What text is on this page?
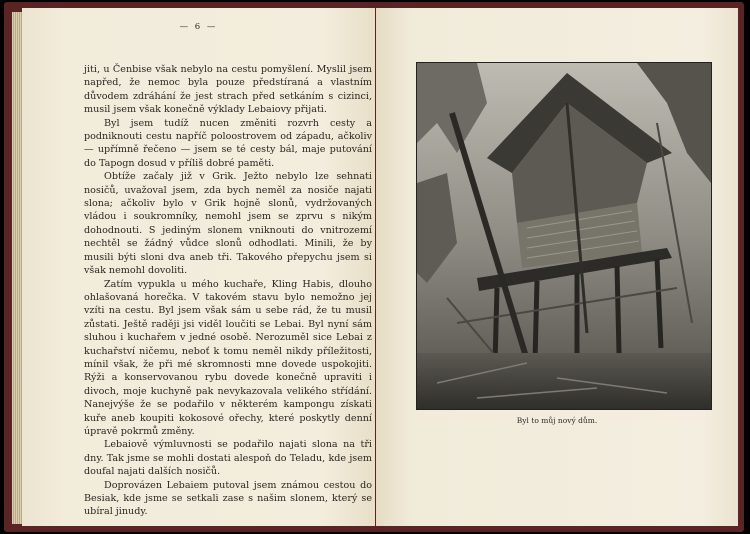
— 6 —

jiti, u Čenbise však nebylo na cestu pomyšlení. Myslil jsem napřed, že nemoc byla pouze předstíraná a vlastním důvodem zdráhání že jest strach před setkáním s cizinci, musil jsem však konečně výklady Lebaiovy přijati.

Byl jsem tudíž nucen změniti rozvrh cesty a podniknouti cestu napříč poloostrovem od západu, ačkoliv — upřímně řečeno — jsem se té cesty bál, maje putování do Tapogn dosud v příliš dobré paměti.

Obtíže začaly již v Grik. Ježto nebylo lze sehnati nosičů, uvažoval jsem, zda bych neměl za nosiče najati slona; ačkoliv bylo v Grik hojně slonů, vydržovaných vládou i soukromníky, nemohl jsem se zprvu s nikým dohodnouti. S jediným slonem vniknouti do vnitrozemí nechtěl se žádný vůdce slonů odhodlati. Minili, že by musili býti sloni dva aneb tři. Takového přepychu jsem si však nemohl dovoliti.

Zatím vypukla u mého kuchaře, Kling Habis, dlouho ohlašovaná horečka. V takovém stavu bylo nemožno jej vzíti na cestu. Byl jsem však sám u sebe rád, že tu musil zůstati. Ještě raději jsi viděl loučiti se Lebai. Byl nyní sám sluhou i kuchařem v jedné osobě. Nerozuměl sice Lebai z kuchařství ničemu, neboť k tomu neměl nikdy příležitosti, mínil však, že při mé skromnosti mne dovede uspokojiti. Rýži a konservovanou rybu dovede konečně upraviti i divoch, moje kuchyně pak nevykazovala velikého střídání. Nanejvýše že se podařilo v některém kampongu získati kuře aneb koupiti kokosové ořechy, které poskytly denní úpravě pokrmů změny.

Lebaiově výmluvnosti se podařilo najati slona na tři dny. Tak jsme se mohli dostati alespoň do Teladu, kde jsem doufal najati dalších nosičů.

Doprovázen Lebaiem putoval jsem známou cestou do Besiak, kde jsme se setkali zase s našim slonem, který se ubíral jinudy.

Byl to můj nový dům.
